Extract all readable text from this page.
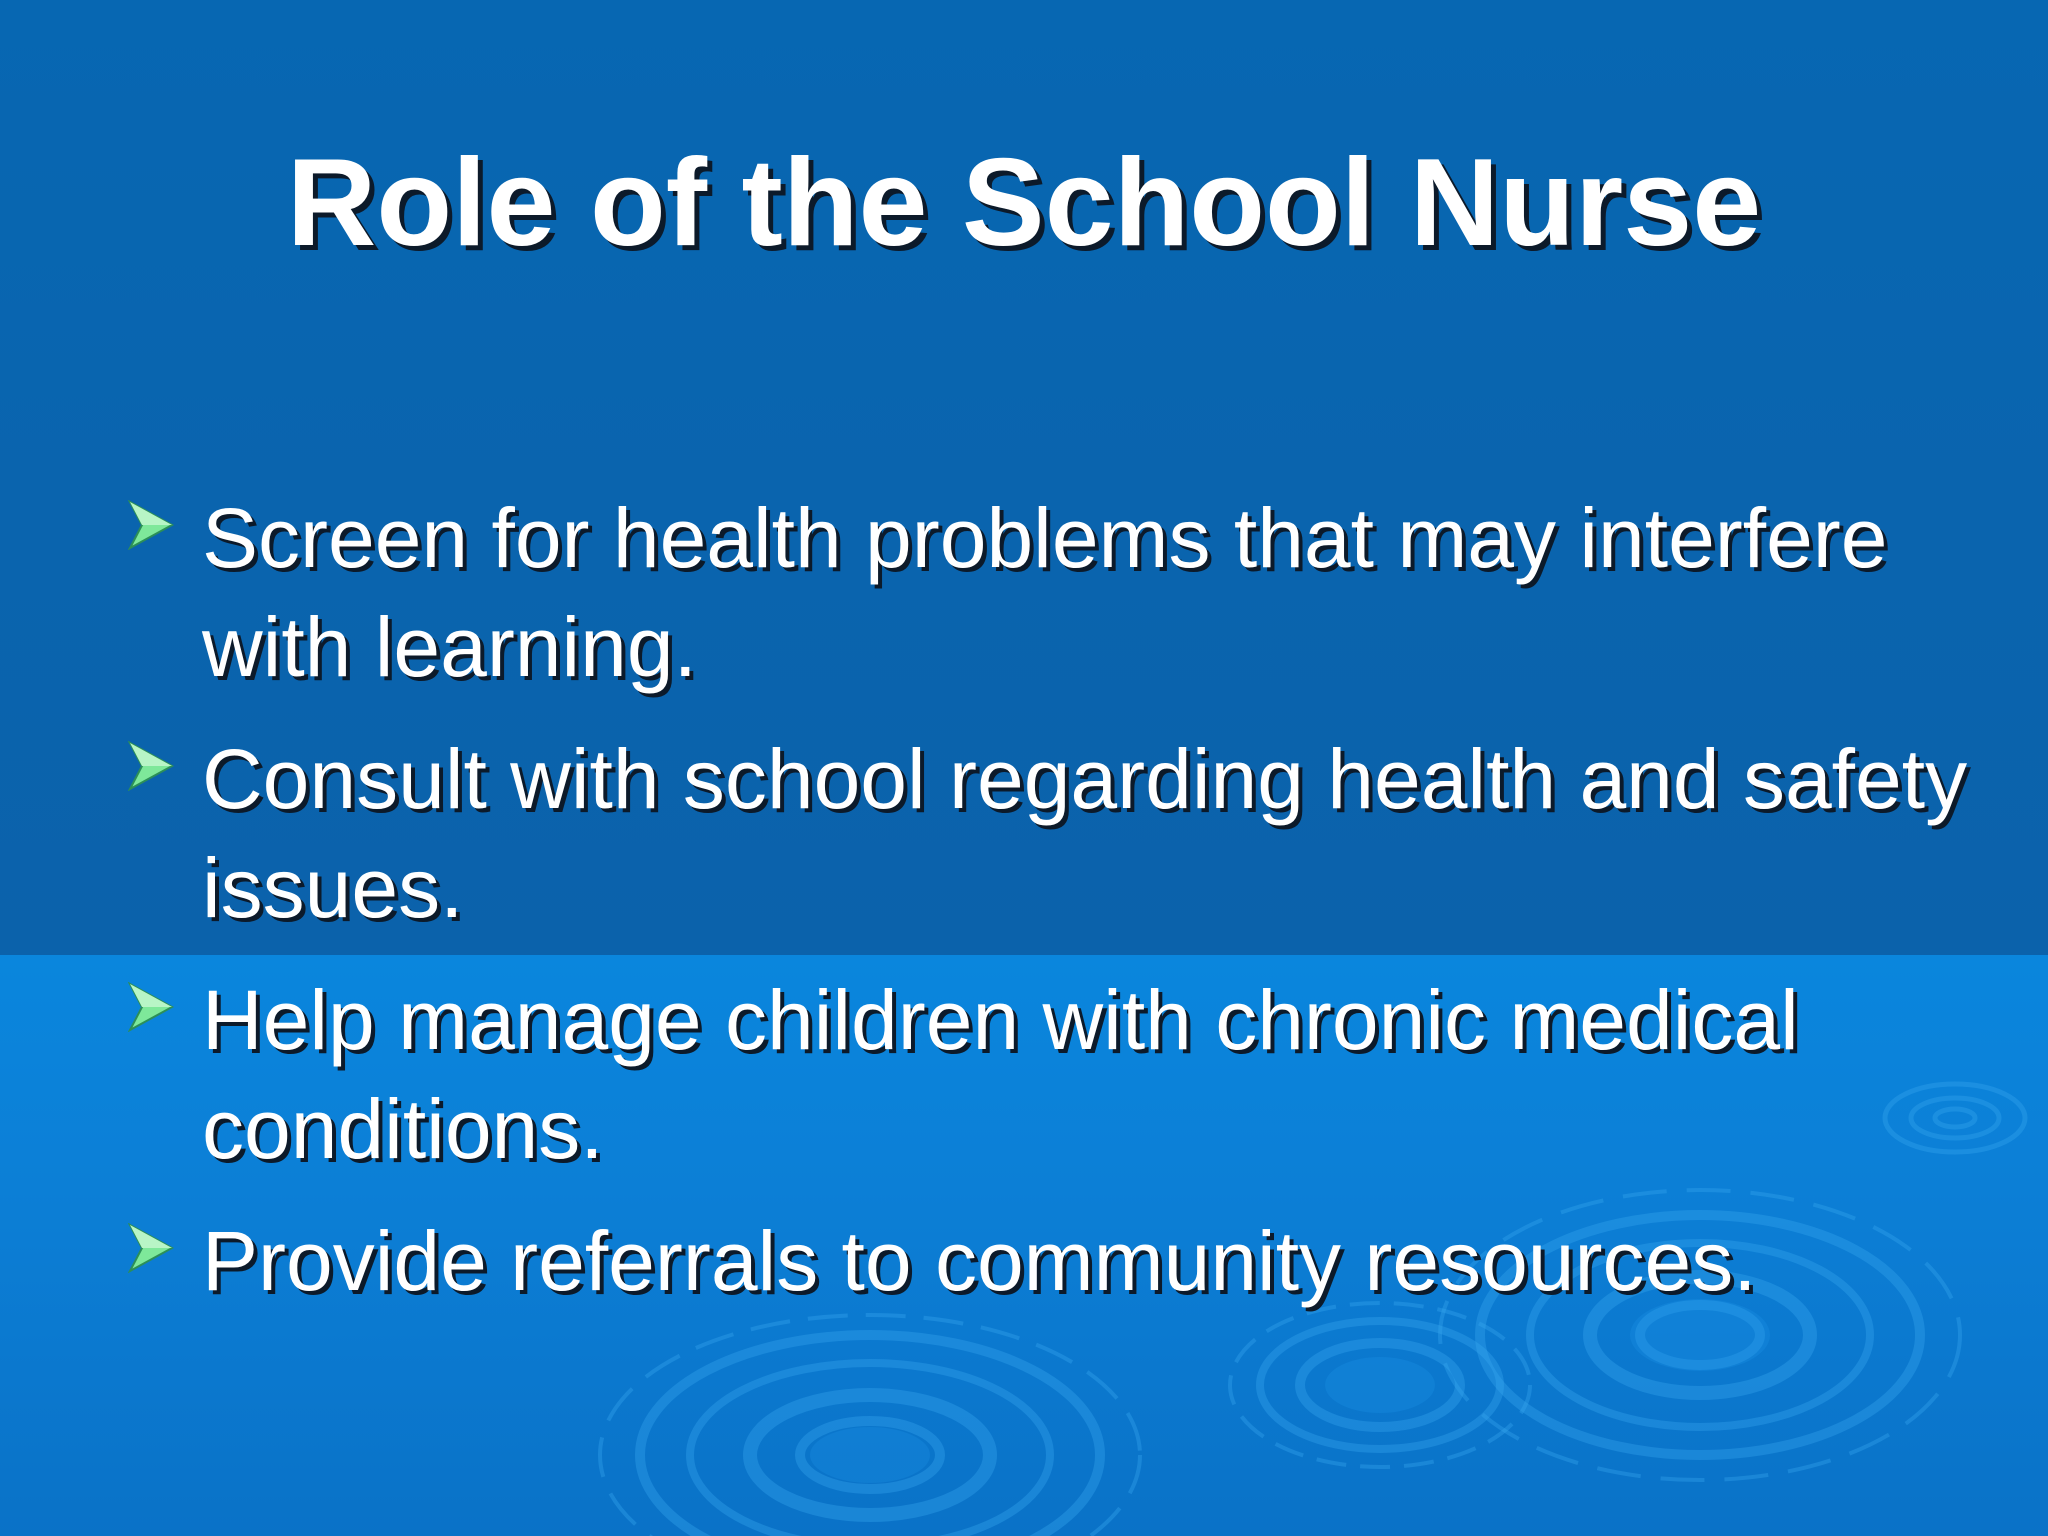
Role of the School Nurse
Screen for health problems that may interfere with learning.
Consult with school regarding health and safety issues.
Help manage children with chronic medical conditions.
Provide referrals to community resources.
